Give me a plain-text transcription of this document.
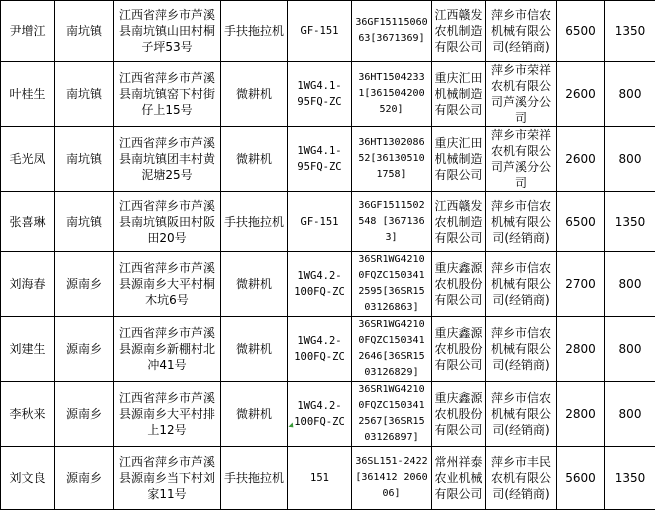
尹增江	南坑镇	江西省萍乡市芦溪县南坑镇山田村桐子坪53号	手扶拖拉机	GF-151	36GF1511506063[3671369]	江西赣发农机制造有限公司	萍乡市信农机械有限公司(经销商)	6500	1350
叶桂生	南坑镇	江西省萍乡市芦溪县南坑镇窑下村街仔上15号	微耕机	1WG4.1-95FQ-ZC	36HT1504233 1[361504200 520]	重庆汇田机械制造有限公司	萍乡市荣祥农机有限公司芦溪分公司	2600	800
毛光凤	南坑镇	江西省萍乡市芦溪县南坑镇团丰村黄泥塘25号	微耕机	1WG4.1-95FQ-ZC	36HT1302086 52[36130510 1758]	重庆汇田机械制造有限公司	萍乡市荣祥农机有限公司芦溪分公司	2600	800
张喜琳	南坑镇	江西省萍乡市芦溪县南坑镇阪田村阪田20号	手扶拖拉机	GF-151	36GF1511502 548 [3671363]	江西赣发农机制造有限公司	萍乡市信农机械有限公司(经销商)	6500	1350
刘海春	源南乡	江西省萍乡市芦溪县源南乡大平村桐木坑6号	微耕机	1WG4.2-100FQ-ZC	36SR1WG4210 0FQZC150341 2595[36SR15 03126863]	重庆鑫源农机股份有限公司	萍乡市信农机械有限公司(经销商)	2700	800
刘建生	源南乡	江西省萍乡市芦溪县源南乡新棚村北冲41号	微耕机	1WG4.2-100FQ-ZC	36SR1WG4210 0FQZC150341 2646[36SR15 03126829]	重庆鑫源农机股份有限公司	萍乡市信农机械有限公司(经销商)	2800	800
李秋来	源南乡	江西省萍乡市芦溪县源南乡大平村排上12号	微耕机	1WG4.2-100FQ-ZC	36SR1WG4210 0FQZC150341 2567[36SR15 03126897]	重庆鑫源农机股份有限公司	萍乡市信农机械有限公司(经销商)	2800	800
刘文良	源南乡	江西省萍乡市芦溪县源南乡当下村刘家11号	手扶拖拉机	151	36SL151-2422[361412 206006]	常州祥泰农业机械有限公司	萍乡市丰民农机有限公司(经销商)	5600	1350
